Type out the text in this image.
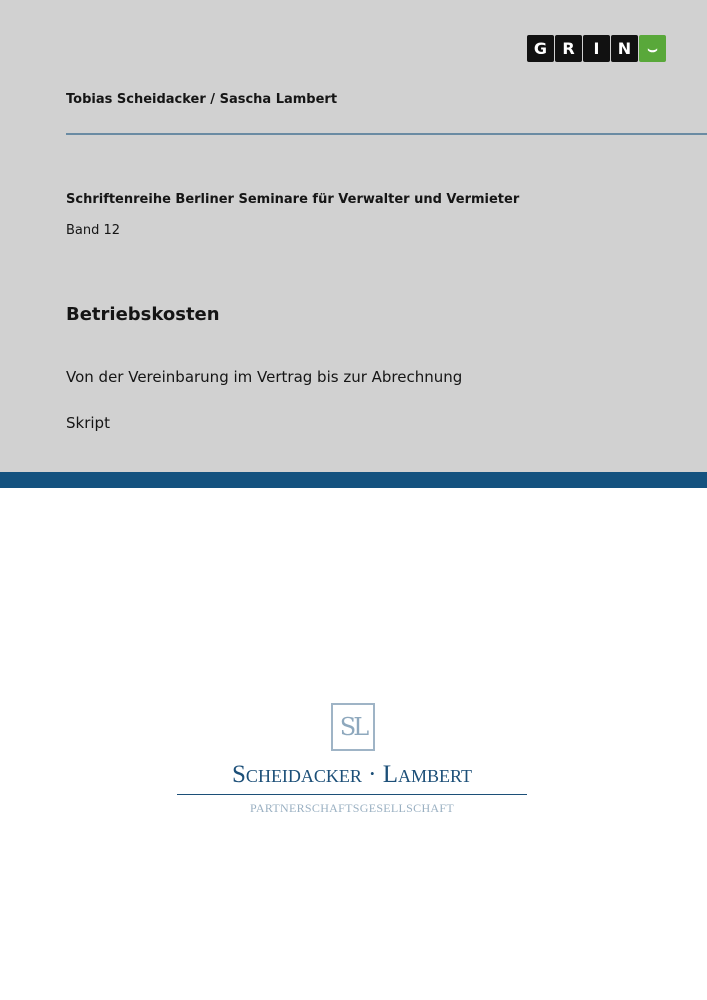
G R	I	N	⌣
Tobias Scheidacker / Sascha Lambert
Schriftenreihe Berliner Seminare für Verwalter und Vermieter
Band 12
Betriebskosten
Von der Vereinbarung im Vertrag bis zur Abrechnung
Skript
SL
Scheidacker · Lambert
PARTNERSCHAFTSGESELLSCHAFT
